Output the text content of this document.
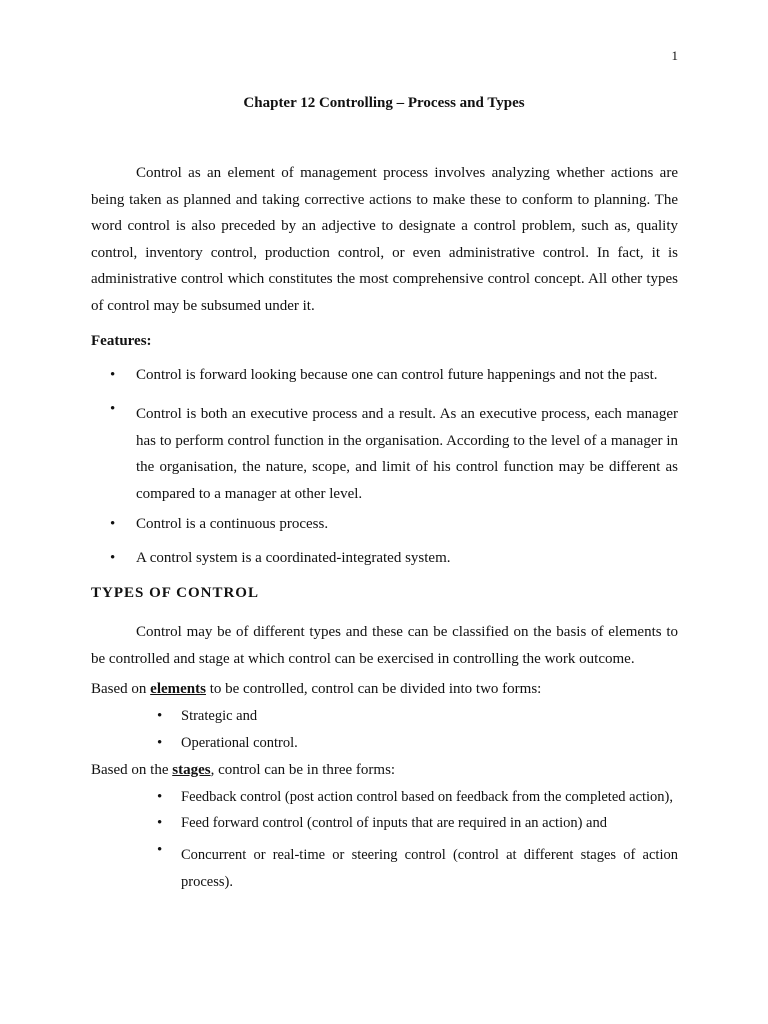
1
Chapter 12 Controlling – Process and Types
Control as an element of management process involves analyzing whether actions are being taken as planned and taking corrective actions to make these to conform to planning. The word control is also preceded by an adjective to designate a control problem, such as, quality control, inventory control, production control, or even administrative control. In fact, it is administrative control which constitutes the most comprehensive control concept. All other types of control may be subsumed under it.
Features:
• Control is forward looking because one can control future happenings and not the past.
• Control is both an executive process and a result. As an executive process, each manager has to perform control function in the organisation. According to the level of a manager in the organisation, the nature, scope, and limit of his control function may be different as compared to a manager at other level.
• Control is a continuous process.
• A control system is a coordinated-integrated system.
TYPES OF CONTROL
Control may be of different types and these can be classified on the basis of elements to be controlled and stage at which control can be exercised in controlling the work outcome.
Based on elements to be controlled, control can be divided into two forms:
• Strategic and
• Operational control.
Based on the stages, control can be in three forms:
• Feedback control (post action control based on feedback from the completed action),
• Feed forward control (control of inputs that are required in an action) and
• Concurrent or real-time or steering control (control at different stages of action process).
